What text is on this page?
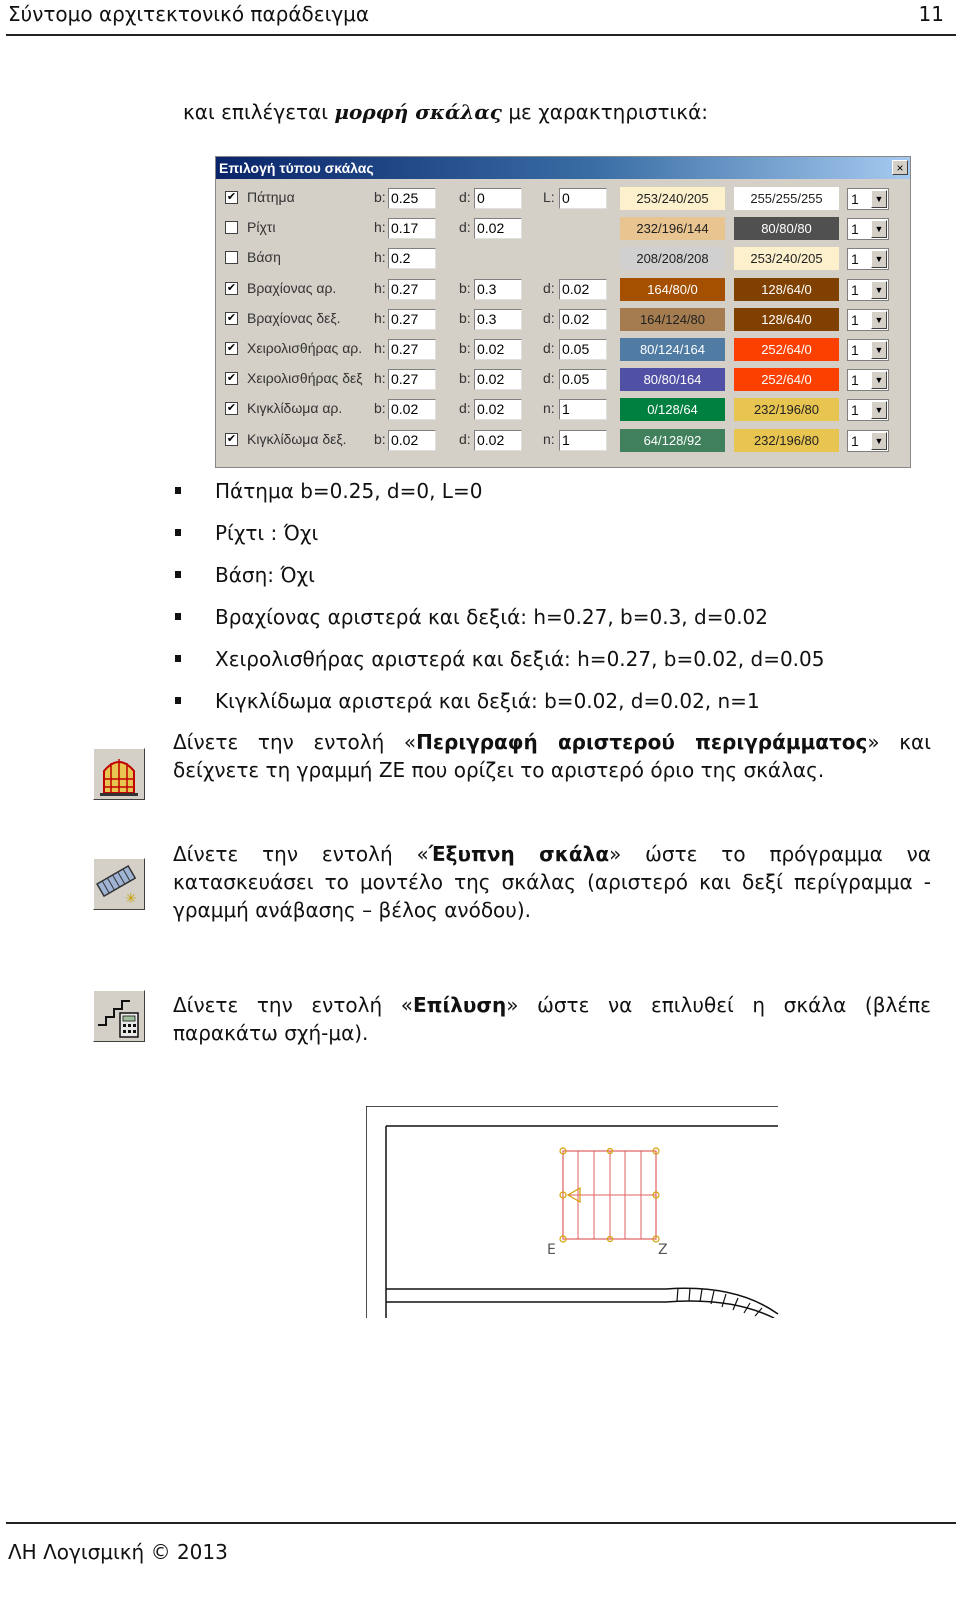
Σύντομο αρχιτεκτονικό παράδειγμα	11
και επιλέγεται μορφή σκάλας με χαρακτηριστικά:
Επιλογή τύπου σκάλας	×
✔ Πάτημα	b: 0.25	d: 0	L: 0	253/240/205	255/255/255	1	▼
Ρίχτι	h: 0.17	d: 0.02	232/196/144	80/80/80	1	▼
Βάση	h: 0.2	208/208/208	253/240/205	1	▼
✔ Βραχίονας αρ.	h: 0.27	b: 0.3	d: 0.02	164/80/0	128/64/0	1	▼
✔ Βραχίονας δεξ. h: 0.27	b: 0.3	d: 0.02	164/124/80	128/64/0	1	▼
✔ Χειρολισθήρας αρ. h: 0.27	b: 0.02	d: 0.05	80/124/164	252/64/0	1	▼
✔ Χειρολισθήρας δεξ h: 0.27	b: 0.02	d: 0.05	80/80/164	252/64/0	1	▼
✔ Κιγκλίδωμα αρ. b: 0.02	d: 0.02	n: 1	0/128/64	232/196/80	1	▼
✔ Κιγκλίδωμα δεξ. b: 0.02	d: 0.02	n: 1	64/128/92	232/196/80	1	▼
Πάτημα b=0.25, d=0, L=0
Ρίχτι : Όχι
Βάση: Όχι
Βραχίονας αριστερά και δεξιά: h=0.27, b=0.3, d=0.02
Χειρολισθήρας αριστερά και δεξιά: h=0.27, b=0.02, d=0.05
Κιγκλίδωμα αριστερά και δεξιά: b=0.02, d=0.02, n=1
Δίνετε την εντολή «Περιγραφή αριστερού περιγράμματος» και δείχνετε τη γραμμή ΖΕ που ορίζει το αριστερό όριο της σκάλας.
✳
Δίνετε την εντολή «Έξυπνη σκάλα» ώστε το πρόγραμμα να κατασκευάσει το μοντέλο της σκάλας (αριστερό και δεξί περίγραμμα - γραμμή ανάβασης – βέλος ανόδου).
Δίνετε την εντολή «Επίλυση» ώστε να επιλυθεί η σκάλα (βλέπε παρακάτω σχή-μα).
E	Z
ΛΗ Λογισμική © 2013
